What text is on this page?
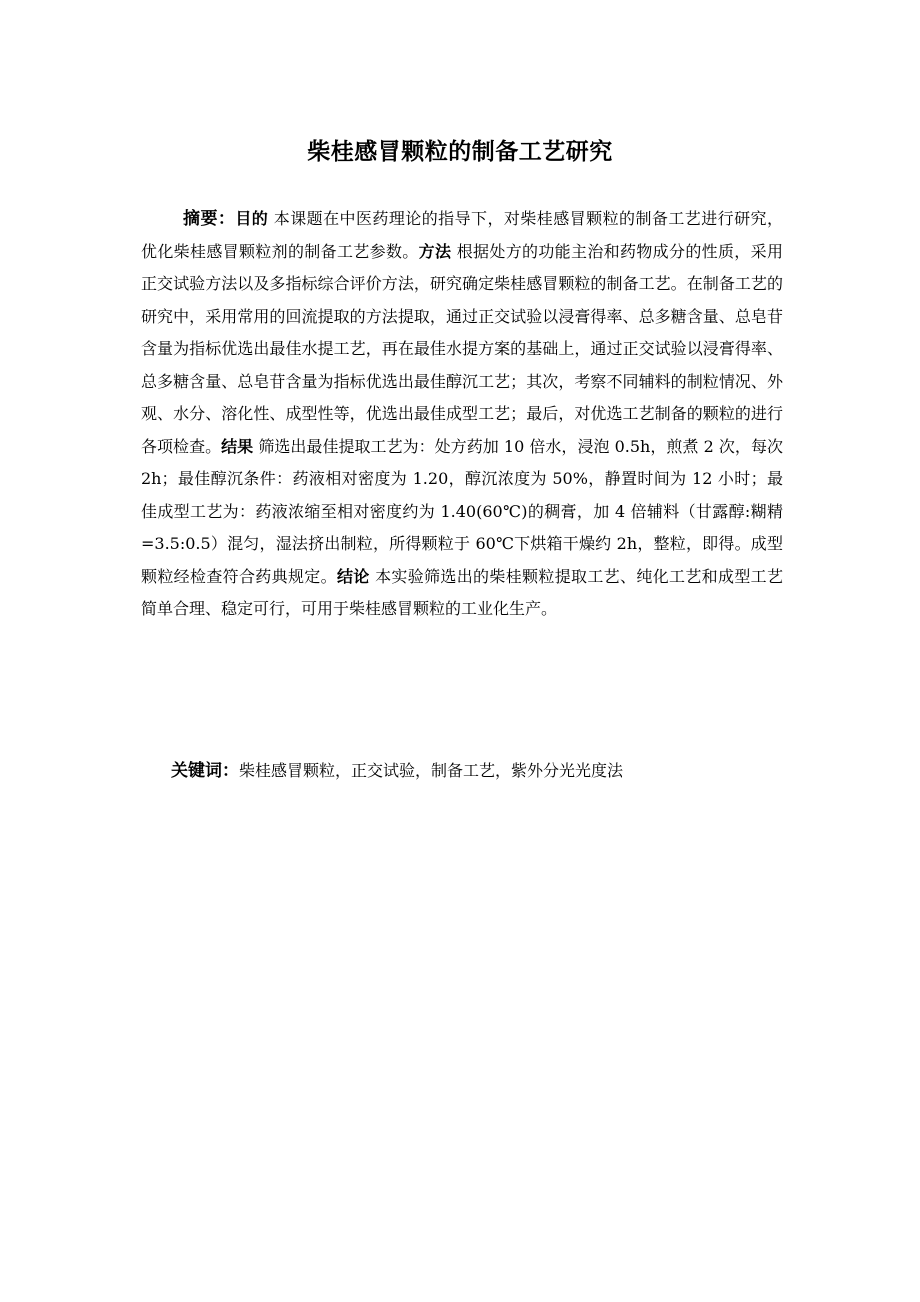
柴桂感冒颗粒的制备工艺研究
摘要：目的 本课题在中医药理论的指导下，对柴桂感冒颗粒的制备工艺进行研究，优化柴桂感冒颗粒剂的制备工艺参数。方法 根据处方的功能主治和药物成分的性质，采用正交试验方法以及多指标综合评价方法，研究确定柴桂感冒颗粒的制备工艺。在制备工艺的研究中，采用常用的回流提取的方法提取，通过正交试验以浸膏得率、总多糖含量、总皂苷含量为指标优选出最佳水提工艺，再在最佳水提方案的基础上，通过正交试验以浸膏得率、总多糖含量、总皂苷含量为指标优选出最佳醇沉工艺；其次，考察不同辅料的制粒情况、外观、水分、溶化性、成型性等，优选出最佳成型工艺；最后，对优选工艺制备的颗粒的进行各项检查。结果 筛选出最佳提取工艺为：处方药加 10 倍水，浸泡 0.5h，煎煮 2 次，每次 2h；最佳醇沉条件：药液相对密度为 1.20，醇沉浓度为 50%，静置时间为 12 小时；最佳成型工艺为：药液浓缩至相对密度约为 1.40(60℃)的稠膏，加 4 倍辅料（甘露醇:糊精=3.5:0.5）混匀，湿法挤出制粒，所得颗粒于 60℃下烘箱干燥约 2h，整粒，即得。成型颗粒经检查符合药典规定。结论 本实验筛选出的柴桂颗粒提取工艺、纯化工艺和成型工艺简单合理、稳定可行，可用于柴桂感冒颗粒的工业化生产。
关键词：柴桂感冒颗粒，正交试验，制备工艺，紫外分光光度法
